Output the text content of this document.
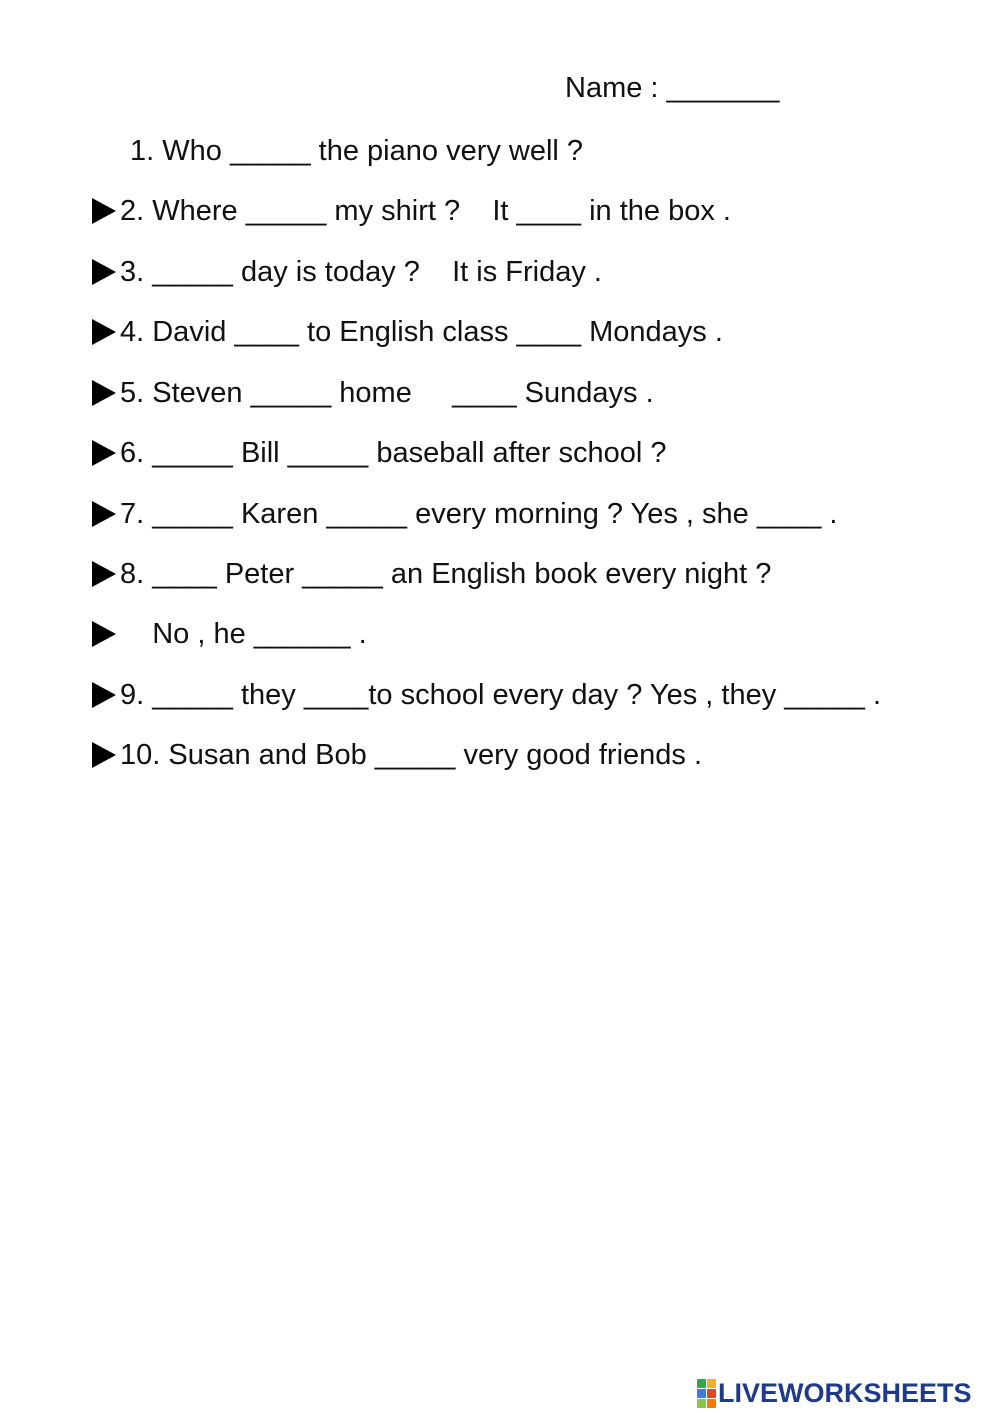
Name : _______
1. Who _____ the piano very well ?
2. Where _____ my shirt ?    It ____ in the box .
3. _____ day is today ?    It is Friday .
4. David ____ to English class ____ Mondays .
5. Steven _____ home     ____ Sundays .
6. _____ Bill _____ baseball after school ?
7. _____ Karen _____ every morning ? Yes , she ____ .
8. ____ Peter _____ an English book every night ?
No , he ______ .
9. _____ they ____to school every day ? Yes , they _____ .
10. Susan and Bob _____ very good friends .
LIVEWORKSHEETS
